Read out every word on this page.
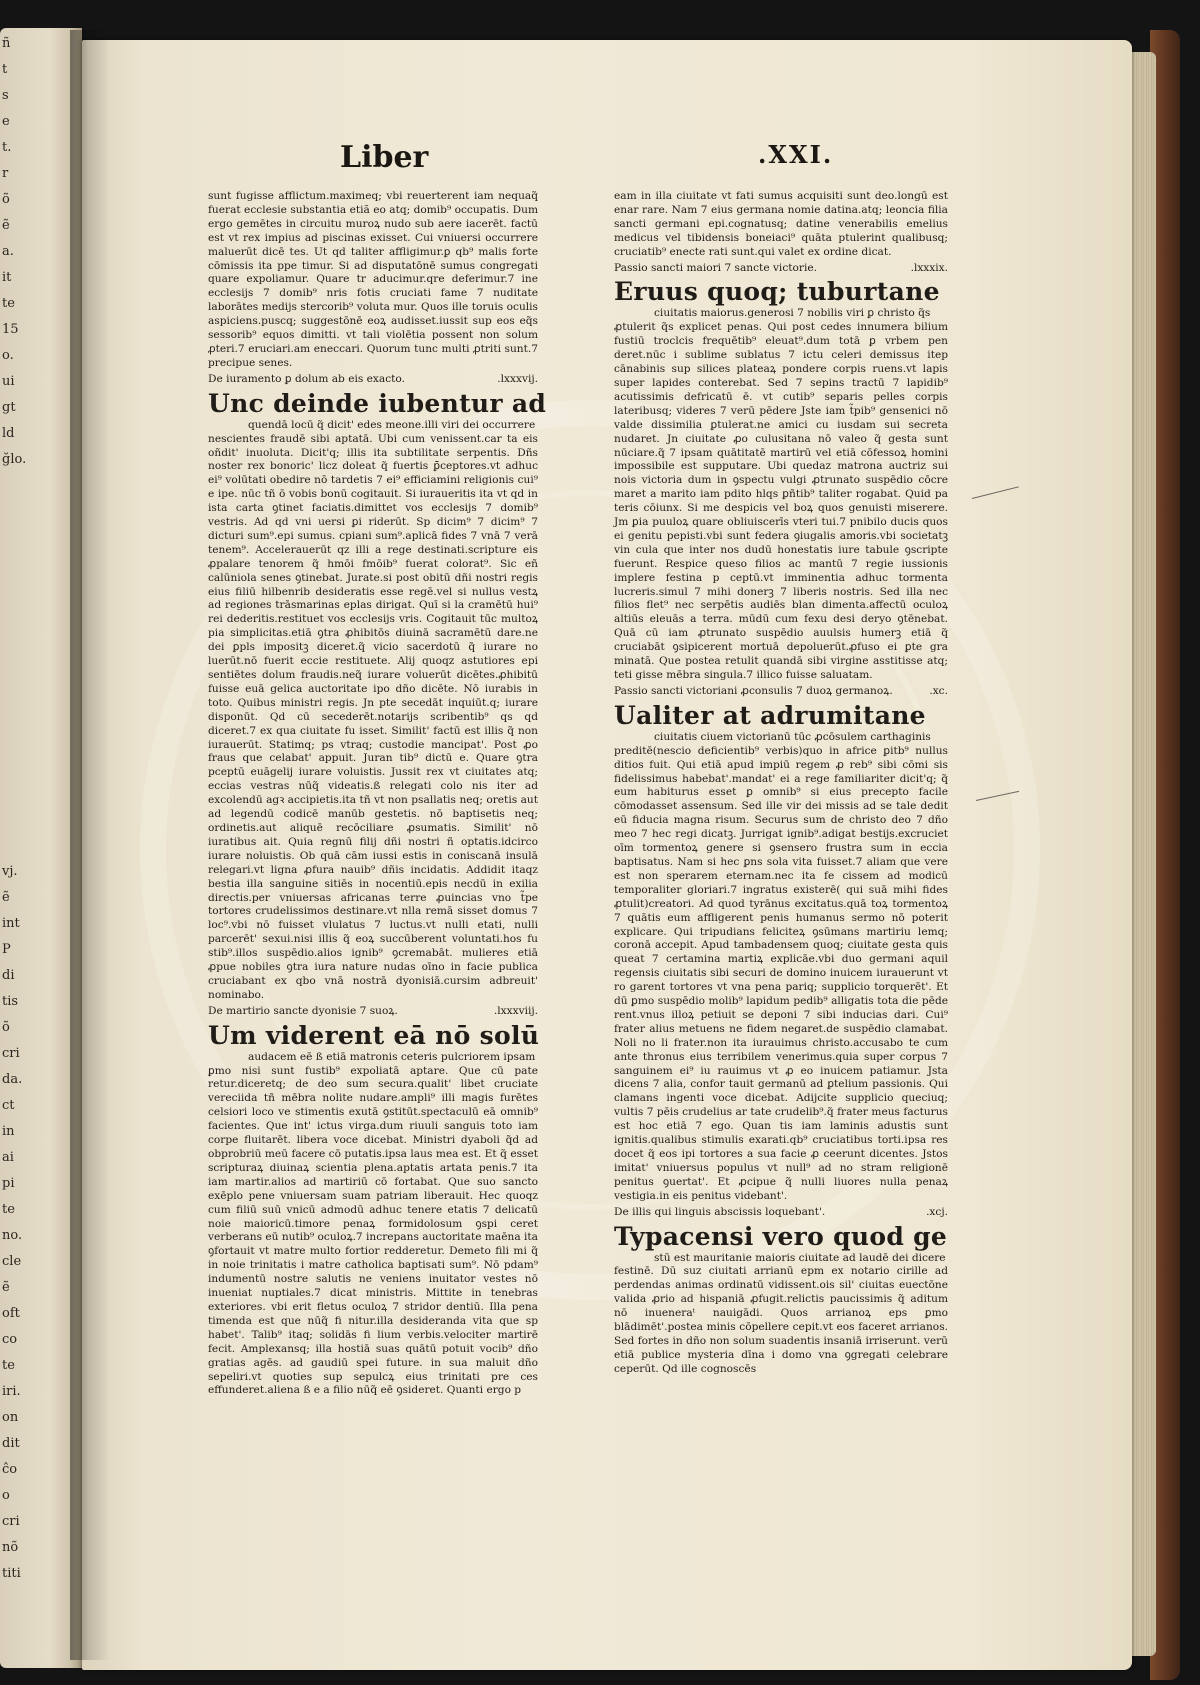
ñ
t
s
e
t.
r
õ
ẽ
a.
it
te
15
o.
ui
gt
ld
ğlo.
vj.
ẽ
int
P
di
tis
õ
cri
da.
ct
in
ai
pi
te
no.
cle
ẽ
oft
co
te
iri.
on
dit
ĉo
o
cri
nõ
titi
Liber	.XXI.

sunt fugisse afflictum.maximeq; vbi reuerterent iam nequaq̃ fuerat ecclesie substantia etiã eo atq; domib⁹ occupatis. Dum ergo gemētes in circuitu muroꝝ nudo sub aere iacerēt. factū est vt rex impius ad piscinas exisset. Cui vniuersi occurrere maluerūt dicē tes. Ut qd taliter affligimur.ꝑ qb⁹ malis forte cōmissis ita ppe timur. Si ad disputatōnē sumus congregati quare expoliamur. Quare tr aducimur.qre deferimur.7 ine ecclesijs 7 domib⁹ nris fotis cruciati fame 7 nuditate laborātes medijs stercorib⁹ voluta mur. Quos ille toruis oculis aspiciens.puscq; suggestōnē eoꝝ audisset.iussit sup eos eq̃s sessorib⁹ equos dimitti. vt tali violētia possent non solum ꝓteri.7 eruciari.am eneccari. Quorum tunc multi ꝓtriti sunt.7 precipue senes.

De iuramento ꝑ dolum ab eis exacto.	.lxxxvij.
Unc deinde iubentur ad

quendā locū q̃ dicit' edes meone.illi viri dei occurrere

nescientes fraudē sibi aptatā. Ubi cum venissent.car ta eis oñdit' inuoluta. Dicit'q; illis ita subtilitate serpentis. Dñs noster rex bonoric' licz doleat q̃ fuertis ꝑ̄ceptores.vt adhuc ei⁹ volūtati obedire nō tardetis 7 ei⁹ efficiamini religionis cui⁹ e ipe. nūc tñ ō vobis bonū cogitauit. Si iuraueritis ita vt qd in ista carta ꝯtinet faciatis.dimittet vos ecclesijs 7 domib⁹ vestris. Ad qd vni uersi ꝑi riderūt. Sp dicim⁹ 7 dicim⁹ 7 dicturi sum⁹.epi sumus. cpiani sum⁹.aplicā fides 7 vnā 7 verā tenem⁹. Accelerauerūt qz illi a rege destinati.scripture eis ꝓpalare tenorem q̃ hmōi fmōib⁹ fuerat colorat⁹. Sic eñ calūniola senes ꝯtinebat. Jurate.si post obitū dñi nostri regis eius filiū hilbenrib desideratis esse regē.vel si nullus vestꝝ ad regiones trāsmarinas eplas dirigat. Quī si la cramētū hui⁹ rei dederitis.restituet vos ecclesijs vris. Cogitauit tūc multoꝝ pia simplicitas.etiā ꝯtra ꝓhibitōs diuinā sacramētū dare.ne dei ꝑpls impositꝫ diceret.q̃ vicio sacerdotū q̃ iurare no luerūt.nō fuerit eccie restituete. Alij quoqz astutiores epi sentiētes dolum fraudis.neq̃ iurare voluerūt dicētes.ꝓhibitū fuisse euā gelica auctoritate ipo dño dicēte. Nō iurabis in toto. Quibus ministri regis. Jn pte secedāt inquiūt.q; iurare disponūt. Qd cū secederēt.notarijs scribentib⁹ qs qd diceret.7 ex qua ciuitate fu isset. Similit' factū est illis q̃ non iurauerūt. Statimq; ps vtraq; custodie mancipat'. Post ꝓo fraus que celabat' appuit. Juran tib⁹ dictū e. Quare ꝯtra pceptū euāgelij iurare voluistis. Jussit rex vt ciuitates atq; eccias vestras nūq̃ videatis.ß relegati colo nis iter ad excolendū agꝛ accipietis.ita tñ vt non psallatis neq; oretis aut ad legendū codicē manūb gestetis. nō baptisetis neq; ordinetis.aut aliquē recōciliare ꝓsumatis. Similit' nō iuratibus ait. Quia regnū filij dñi nostri ñ optatis.idcirco iurare noluistis. Ob quā cām iussi estis in coniscanā insulā relegari.vt ligna ꝓfura nauib⁹ dñis incidatis. Addidit itaqz bestia illa sanguine sitiēs in nocentiū.epis necdū in exilia directis.per vniuersas africanas terre ꝓuincias vno t̃pe tortores crudelissimos destinare.vt nlla remā sisset domus 7 loc⁹.vbi nō fuisset vlulatus 7 luctus.vt nulli etati, nulli parcerēt' sexui.nisi illis q̃ eoꝝ succūberent voluntati.hos fu stib⁹.illos suspēdio.alios ignib⁹ ꝯcremabāt. mulieres etiā ꝓpue nobiles ꝯtra iura nature nudas oīno in facie publica cruciabant ex qbo vnā nostrā dyonisiā.cursim adbreuit' nominabo.

De martirio sancte dyonisie 7 suoꝝ.	.lxxxviij.
Um viderent eā nō solū

audacem eē ß etiā matronis ceteris pulcriorem ipsam

ꝑmo nisi sunt fustib⁹ expoliatā aptare. Que cū pate retur.diceretq; de deo sum secura.qualit' libet cruciate vereciida tñ mēbra nolite nudare.ampli⁹ illi magis furētes celsiori loco ve stimentis exutā ꝯstitūt.spectaculū eā omnib⁹ facientes. Que int' ictus virga.dum riuuli sanguis toto iam corpe fluitarēt. libera voce dicebat. Ministri dyaboli q̃d ad obprobriū meū facere cō putatis.ipsa laus mea est. Et q̃ esset scripturaꝝ diuinaꝝ scientia plena.aptatis artata penis.7 ita iam martir.alios ad martiriū cō fortabat. Que suo sancto exēplo pene vniuersam suam patriam liberauit. Hec quoqz cum filiū suū vnicū admodū adhuc tenere etatis 7 delicatū noie maioricū.timore penaꝝ formidolosum ꝯspi ceret verberans eū nutib⁹ oculoꝝ.7 increpans auctoritate maēna ita ꝯfortauit vt matre multo fortior redderetur. Demeto fili mi q̃ in noie trinitatis i matre catholica baptisati sum⁹. Nō pdam⁹ indumentū nostre salutis ne veniens inuitator vestes nō inueniat nuptiales.7 dicat ministris. Mittite in tenebras exteriores. vbi erit fletus oculoꝝ 7 stridor dentiū. Illa pena timenda est que nūq̃ fi nitur.illa desideranda vita que sp habet'. Talib⁹ itaq; solidās fi lium verbis.velociter martirē fecit. Amplexansq; illa hostiā suas quātū potuit vocib⁹ dño gratias agēs. ad gaudiū spei future. in sua maluit dño sepeliri.vt quoties sup sepulcꝝ eius trinitati pre ces effunderet.aliena ß e a filio nūq̃ eē ꝯsideret. Quanti ergo p

eam in illa ciuitate vt fati sumus acquisiti sunt deo.longū est enar rare. Nam 7 eius germana nomie datina.atq; leoncia filia sancti germani epi.cognatusq; datine venerabilis emelius medicus vel tibidensis boneiaci⁹ quāta ptulerint qualibusq; cruciatib⁹ enecte rati sunt.qui valet ex ordine dicat.

Passio sancti maiori 7 sancte victorie.	.lxxxix.
Eruus quoq; tuburtane

ciuitatis maiorus.generosi 7 nobilis viri ꝑ christo q̃s

ꝓtulerit q̃s explicet penas. Qui post cedes innumera bilium fustiū troclcis frequētib⁹ eleuat⁹.dum totā ꝑ vrbem pen deret.nūc i sublime sublatus 7 ictu celeri demissus itep cānabinis sup silices plateaꝝ pondere corpis ruens.vt lapis super lapides conterebat. Sed 7 sepins tractū 7 lapidib⁹ acutissimis defricatū ē. vt cutib⁹ separis pelles corpis lateribusq; videres 7 verū pēdere Jste iam t̃pib⁹ gensenici nō valde dissimilia ꝑtulerat.ne amici cu iusdam sui secreta nudaret. Jn ciuitate ꝓo culusitana nō valeo q̃ gesta sunt nūciare.q̃ 7 ipsam quātitatē martirū vel etiā cōfessoꝝ homini impossibile est supputare. Ubi quedaz matrona auctriz sui nois victoria dum in ꝯspectu vulgi ꝓtrunato suspēdio cōcre maret a marito iam pdito hlqs ꝑñtib⁹ taliter rogabat. Quid pa teris cōiunx. Si me despicis vel boꝝ quos genuisti miserere. Jm ꝑia puuloꝝ quare obliuiscerīs vteri tui.7 pnibilo ducis quos ei genitu pepisti.vbi sunt federa ꝯiugalis amoris.vbi societatꝫ vin cula que inter nos dudū honestatis iure tabule ꝯscripte fuerunt. Respice queso filios ac mantū 7 regie iussionis implere festina p ceptū.vt imminentia adhuc tormenta lucreris.simul 7 mihi donerꝫ 7 liberis nostris. Sed illa nec filios flet⁹ nec serpētis audiēs blan dimenta.affectū oculoꝝ altiūs eleuās a terra. mūdū cum fexu desi deryo ꝯtēnebat. Quā cū iam ꝓtrunato suspēdio auulsis humerꝫ etiā q̃ cruciabāt ꝯsipicerent mortuā depoluerūt.ꝓfuso ei ꝑte gra minatā. Que postea retulit quandā sibi virgine asstitisse atq; teti gisse mēbra singula.7 illico fuisse saluatam.

Passio sancti victoriani ꝓconsulis 7 duoꝝ germanoꝝ.	.xc.
Ualiter at adrumitane

ciuitatis ciuem victorianū tūc ꝓcōsulem carthaginis

preditē(nescio deficientib⁹ verbis)quo in africe ꝑitb⁹ nullus ditios fuit. Qui etiā apud impiū regem ꝓ reb⁹ sibi cōmi sis fidelissimus habebat'.mandat' ei a rege familiariter dicit'q; q̃ eum habiturus esset ꝑ omnib⁹ si eius precepto facile cōmodasset assensum. Sed ille vir dei missis ad se tale dedit eū fiducia magna risum. Securus sum de christo deo 7 dño meo 7 hec regi dicatꝫ. Jurrigat ignib⁹.adigat bestijs.excruciet oīm tormentoꝝ genere si ꝯsensero frustra sum in eccia baptisatus. Nam si hec ꝑns sola vita fuisset.7 aliam que vere est non sperarem eternam.nec ita fe cissem ad modicū temporaliter gloriari.7 ingratus existerē( qui suā mihi fides ꝓtulit)creatori. Ad quod tyrānus excitatus.quā toꝝ tormentoꝝ 7 quātis eum affligerent penis humanus sermo nō poterit explicare. Qui tripudians feliciteꝝ ꝯsūmans martiriu lemq; coronā accepit. Apud tambadensem quoq; ciuitate gesta quis queat 7 certamina martiꝝ explicāe.vbi duo germani aquil regensis ciuitatis sibi securi de domino inuicem iurauerunt vt ro garent tortores vt vna pena pariq; supplicio torquerēt'. Et dū ꝑmo suspēdio molib⁹ lapidum pedib⁹ alligatis tota die pēde rent.vnus illoꝝ petiuit se deponi 7 sibi inducias dari. Cui⁹ frater alius metuens ne fidem negaret.de suspēdio clamabat. Noli no li frater.non ita iurauimus christo.accusabo te cum ante thronus eius terribilem venerimus.quia super corpus 7 sanguinem ei⁹ iu rauimus vt ꝓ eo inuicem patiamur. Jsta dicens 7 alia, confor tauit germanū ad ꝑtelium passionis. Qui clamans ingenti voce dicebat. Adijcite supplicio queciuq; vultis 7 pēis crudelius ar tate crudelib⁹.q̃ frater meus facturus est hoc etiā 7 ego. Quan tis iam laminis adustis sunt ignitis.qualibus stimulis exarati.qb⁹ cruciatibus torti.ipsa res docet q̃ eos ipi tortores a sua facie ꝓ ceerunt dicentes. Jstos imitat' vniuersus populus vt null⁹ ad no stram religionē penitus ꝯuertat'. Et ꝓcipue q̃ nulli liuores nulla penaꝝ vestigia.in eis penitus videbant'.

De illis qui linguis abscissis loquebant'.	.xcj.
Typacensi vero quod ge

stū est mauritanie maioris ciuitate ad laudē dei dicere

festinē. Dū suz ciuitati arrianū epm ex notario cirille ad perdendas animas ordinatū vidissent.ois sil' ciuitas euectōne valida ꝓrio ad hispaniā ꝓfugit.relictis paucissimis q̃ aditum nō inueneraᵗ nauigādi. Quos arrianoꝝ eps ꝑmo blādimēt'.postea minis cōpellere cepit.vt eos faceret arrianos. Sed fortes in dño non solum suadentis insaniā irriserunt. verū etiā publice mysteria dīna i domo vna ꝯgregati celebrare ceperūt. Qd ille cognoscēs
